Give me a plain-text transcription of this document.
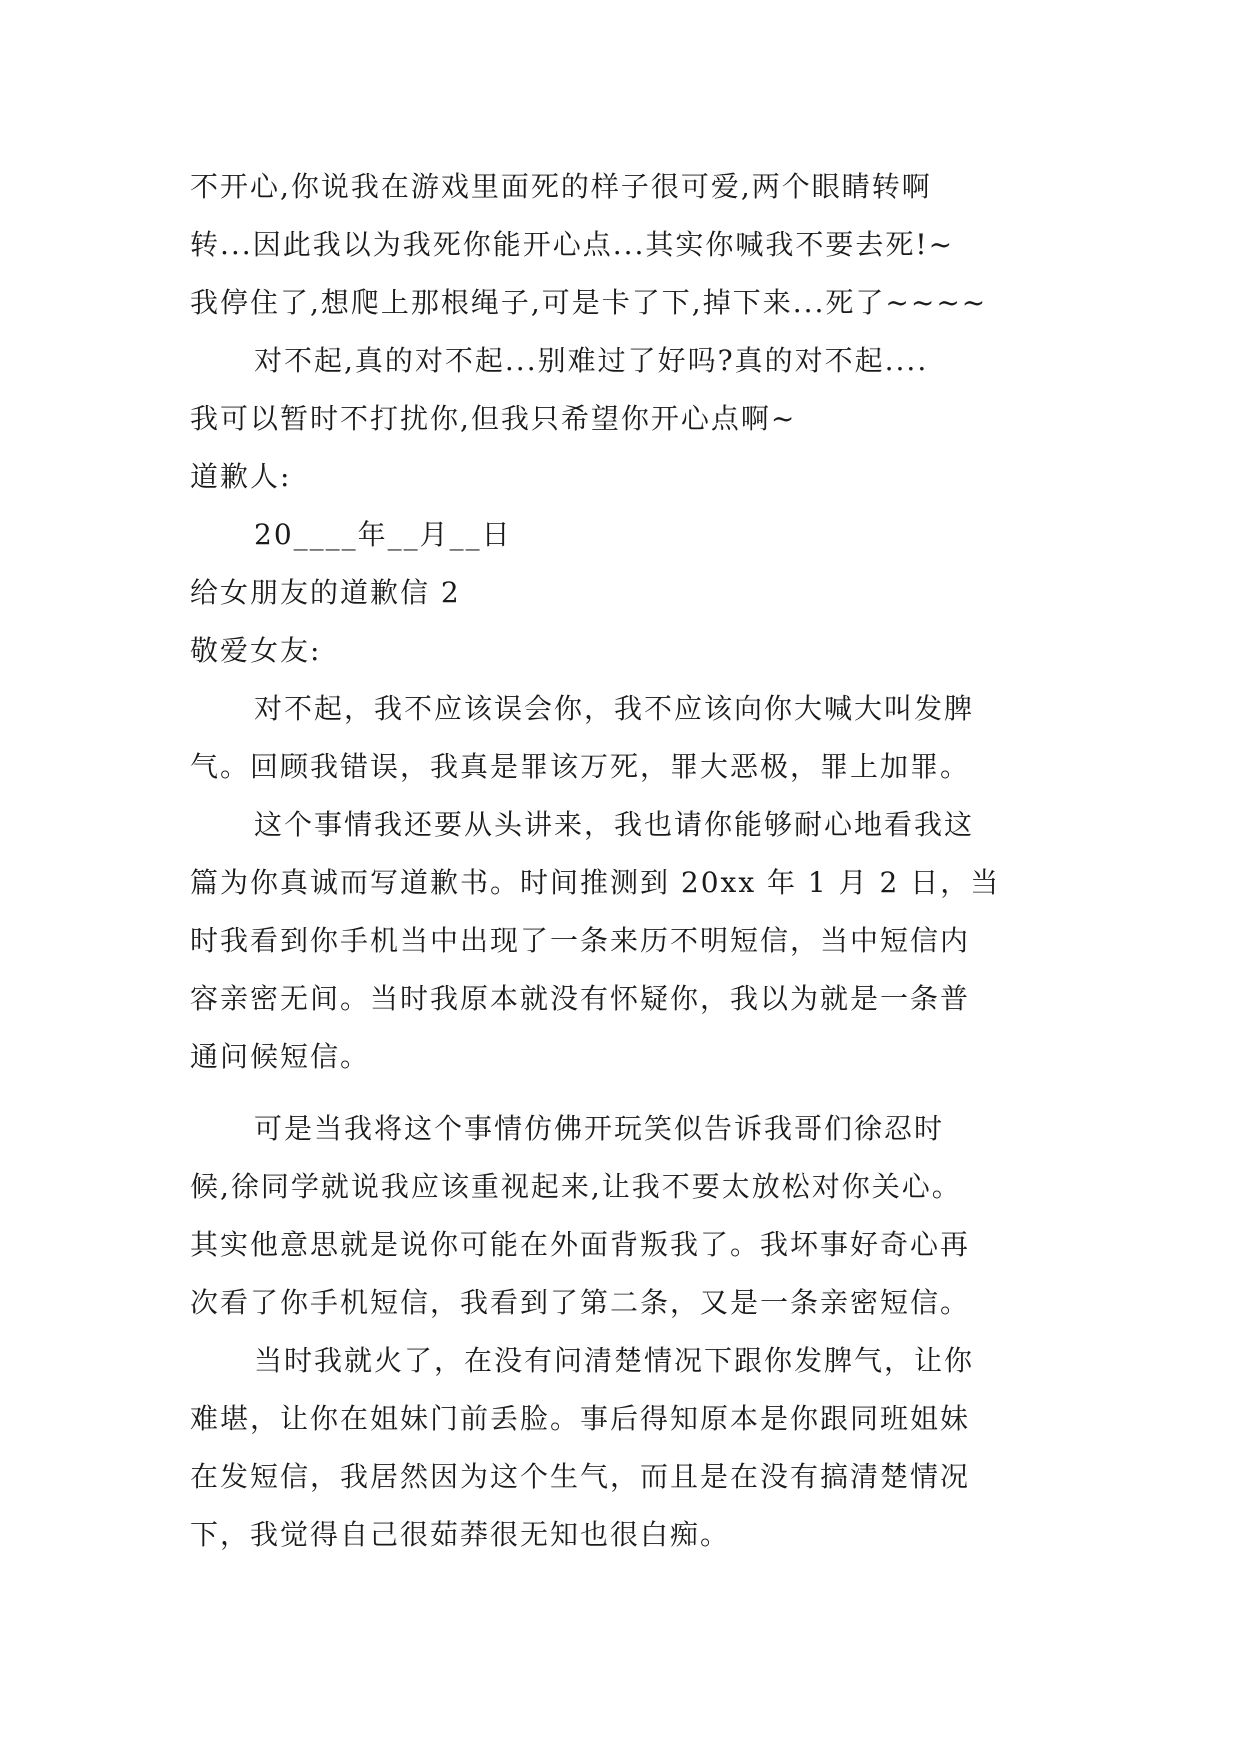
不开心,你说我在游戏里面死的样子很可爱,两个眼睛转啊
转...因此我以为我死你能开心点...其实你喊我不要去死!~
我停住了,想爬上那根绳子,可是卡了下,掉下来...死了~~~~
对不起,真的对不起...别难过了好吗?真的对不起....
我可以暂时不打扰你,但我只希望你开心点啊~
道歉人:
20____年__月__日
给女朋友的道歉信 2
敬爱女友:
对不起，我不应该误会你，我不应该向你大喊大叫发脾
气。回顾我错误，我真是罪该万死，罪大恶极，罪上加罪。
这个事情我还要从头讲来，我也请你能够耐心地看我这
篇为你真诚而写道歉书。时间推测到 20xx 年 1 月 2 日，当
时我看到你手机当中出现了一条来历不明短信，当中短信内
容亲密无间。当时我原本就没有怀疑你，我以为就是一条普
通问候短信。
可是当我将这个事情仿佛开玩笑似告诉我哥们徐忍时
候,徐同学就说我应该重视起来,让我不要太放松对你关心。
其实他意思就是说你可能在外面背叛我了。我坏事好奇心再
次看了你手机短信，我看到了第二条，又是一条亲密短信。
当时我就火了，在没有问清楚情况下跟你发脾气，让你
难堪，让你在姐妹门前丢脸。事后得知原本是你跟同班姐妹
在发短信，我居然因为这个生气，而且是在没有搞清楚情况
下，我觉得自己很茹莽很无知也很白痴。
